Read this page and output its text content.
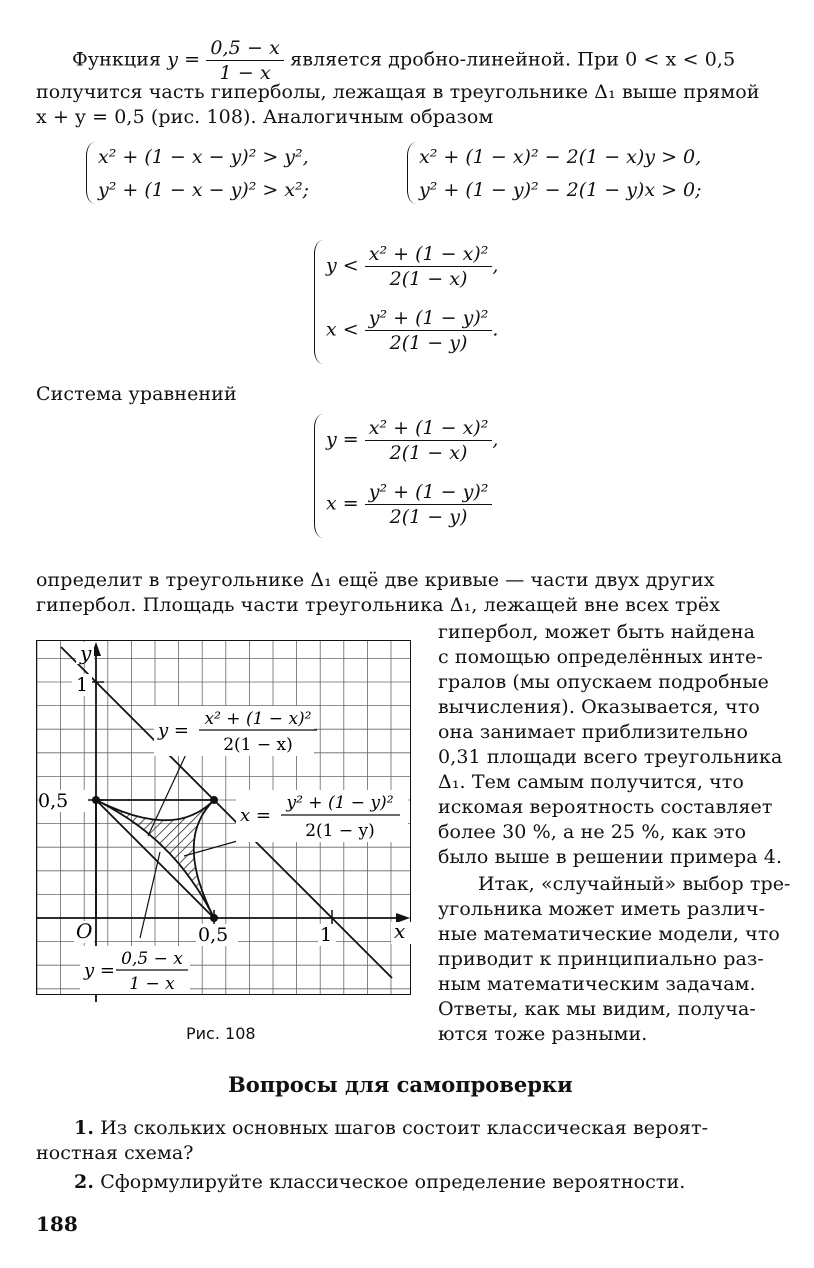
Функция $y = \frac{0,5 - x}{1 - x}$ является дробно-линейной. При 0 < x < 0,5
получится часть гиперболы, лежащая в треугольнике Δ₁ выше прямой
x + y = 0,5 (рис. 108). Аналогичным образом
x² + (1 − x − y)² > y²,
y² + (1 − x − y)² > x²;
x² + (1 − x)² − 2(1 − x)y > 0,
y² + (1 − y)² − 2(1 − y)x > 0;
$y < \frac{\text{x² + (1 − x)²}}{2(1 - x)}$ ,
$x < \frac{\text{y² + (1 − y)²}}{2(1 - y)}$ .
Система уравнений
$y = \frac{\text{x² + (1 − x)²}}{2(1 - x)}$ ,
$x = \frac{\text{y² + (1 − y)²}}{2(1 - y)}$
определит в треугольнике Δ₁ ещё две кривые — части двух других
гипербол. Площадь части треугольника Δ₁, лежащей вне всех трёх
гипербол, может быть найдена
с помощью определённых инте-
гралов (мы опускаем подробные
вычисления). Оказывается, что
она занимает приблизительно
0,31 площади всего треугольника
Δ₁. Тем самым получится, что
искомая вероятность составляет
более 30 %, а не 25 %, как это
было выше в решении примера 4.
Итак, «случайный» выбор тре-
угольника может иметь различ-
ные математические модели, что
приводит к принципиально раз-
ным математическим задачам.
Ответы, как мы видим, получа-
ются тоже разными.
y
x
O
1
0,5
0,5	1
y =
x² + (1 − x)²
2(1 − x)
x =
y² + (1 − y)²
2(1 − y)
y =
0,5 − x
1 − x
Рис. 108
Вопросы для самопроверки
1. Из скольких основных шагов состоит классическая вероят-
ностная схема?
2. Сформулируйте классическое определение вероятности.
188
